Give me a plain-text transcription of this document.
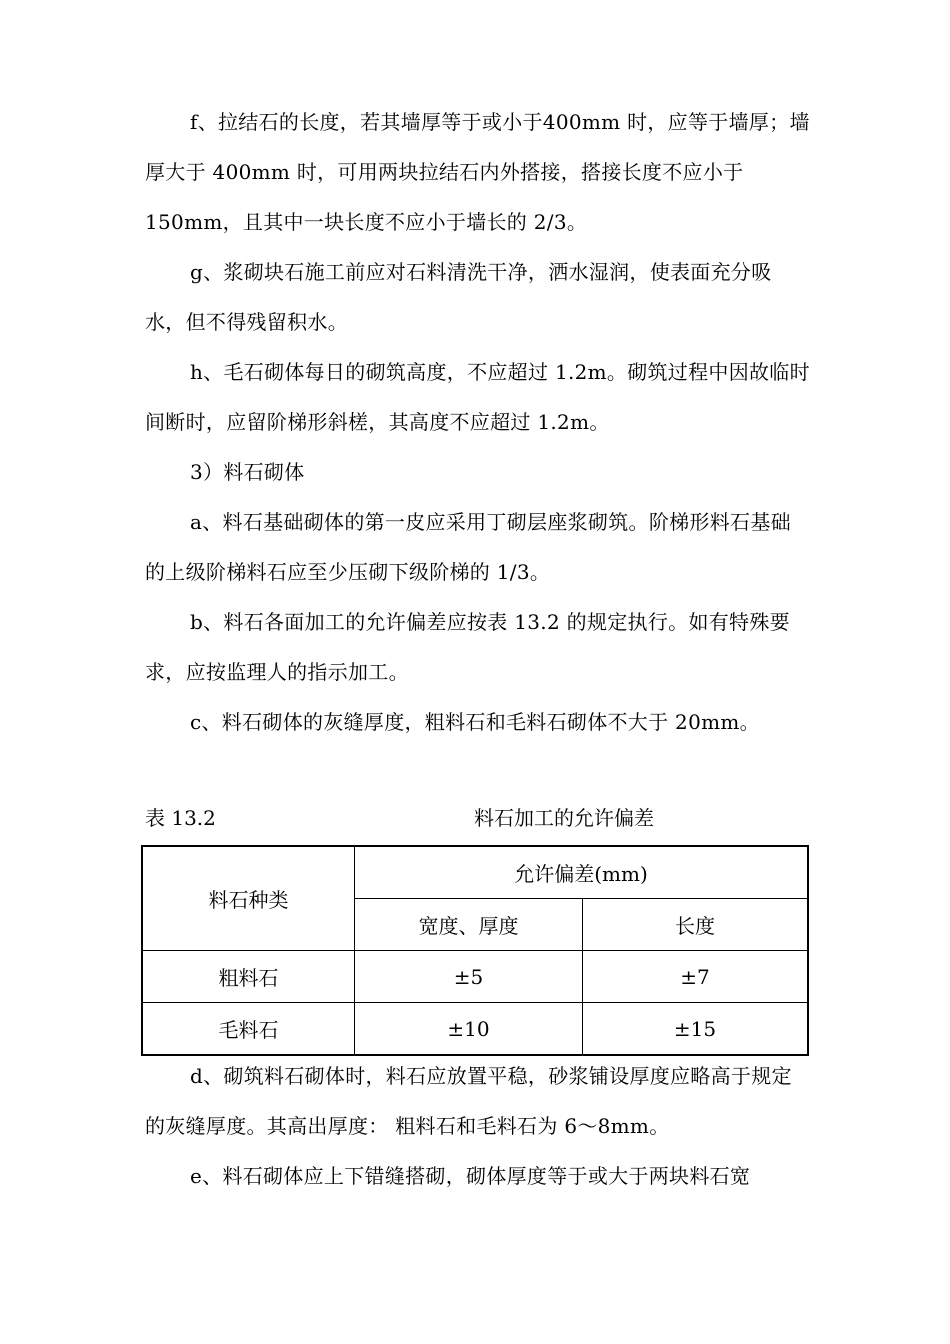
f、拉结石的长度，若其墙厚等于或小于400mm 时，应等于墙厚；墙厚大于 400mm 时，可用两块拉结石内外搭接，搭接长度不应小于150mm，且其中一块长度不应小于墙长的 2/3。

g、浆砌块石施工前应对石料清洗干净，洒水湿润，使表面充分吸水，但不得残留积水。

h、毛石砌体每日的砌筑高度，不应超过 1.2m。砌筑过程中因故临时间断时，应留阶梯形斜槎，其高度不应超过 1.2m。

3）料石砌体

a、料石基础砌体的第一皮应采用丁砌层座浆砌筑。阶梯形料石基础的上级阶梯料石应至少压砌下级阶梯的 1/3。

b、料石各面加工的允许偏差应按表 13.2 的规定执行。如有特殊要求，应按监理人的指示加工。

c、料石砌体的灰缝厚度，粗料石和毛料石砌体不大于 20mm。

表 13.2	料石加工的允许偏差
料石种类	允许偏差(mm)	
	宽度、厚度	长度
粗料石	±5	±7
毛料石	±10	±15

d、砌筑料石砌体时，料石应放置平稳，砂浆铺设厚度应略高于规定的灰缝厚度。其高出厚度： 粗料石和毛料石为 6～8mm。

e、料石砌体应上下错缝搭砌，砌体厚度等于或大于两块料石宽
